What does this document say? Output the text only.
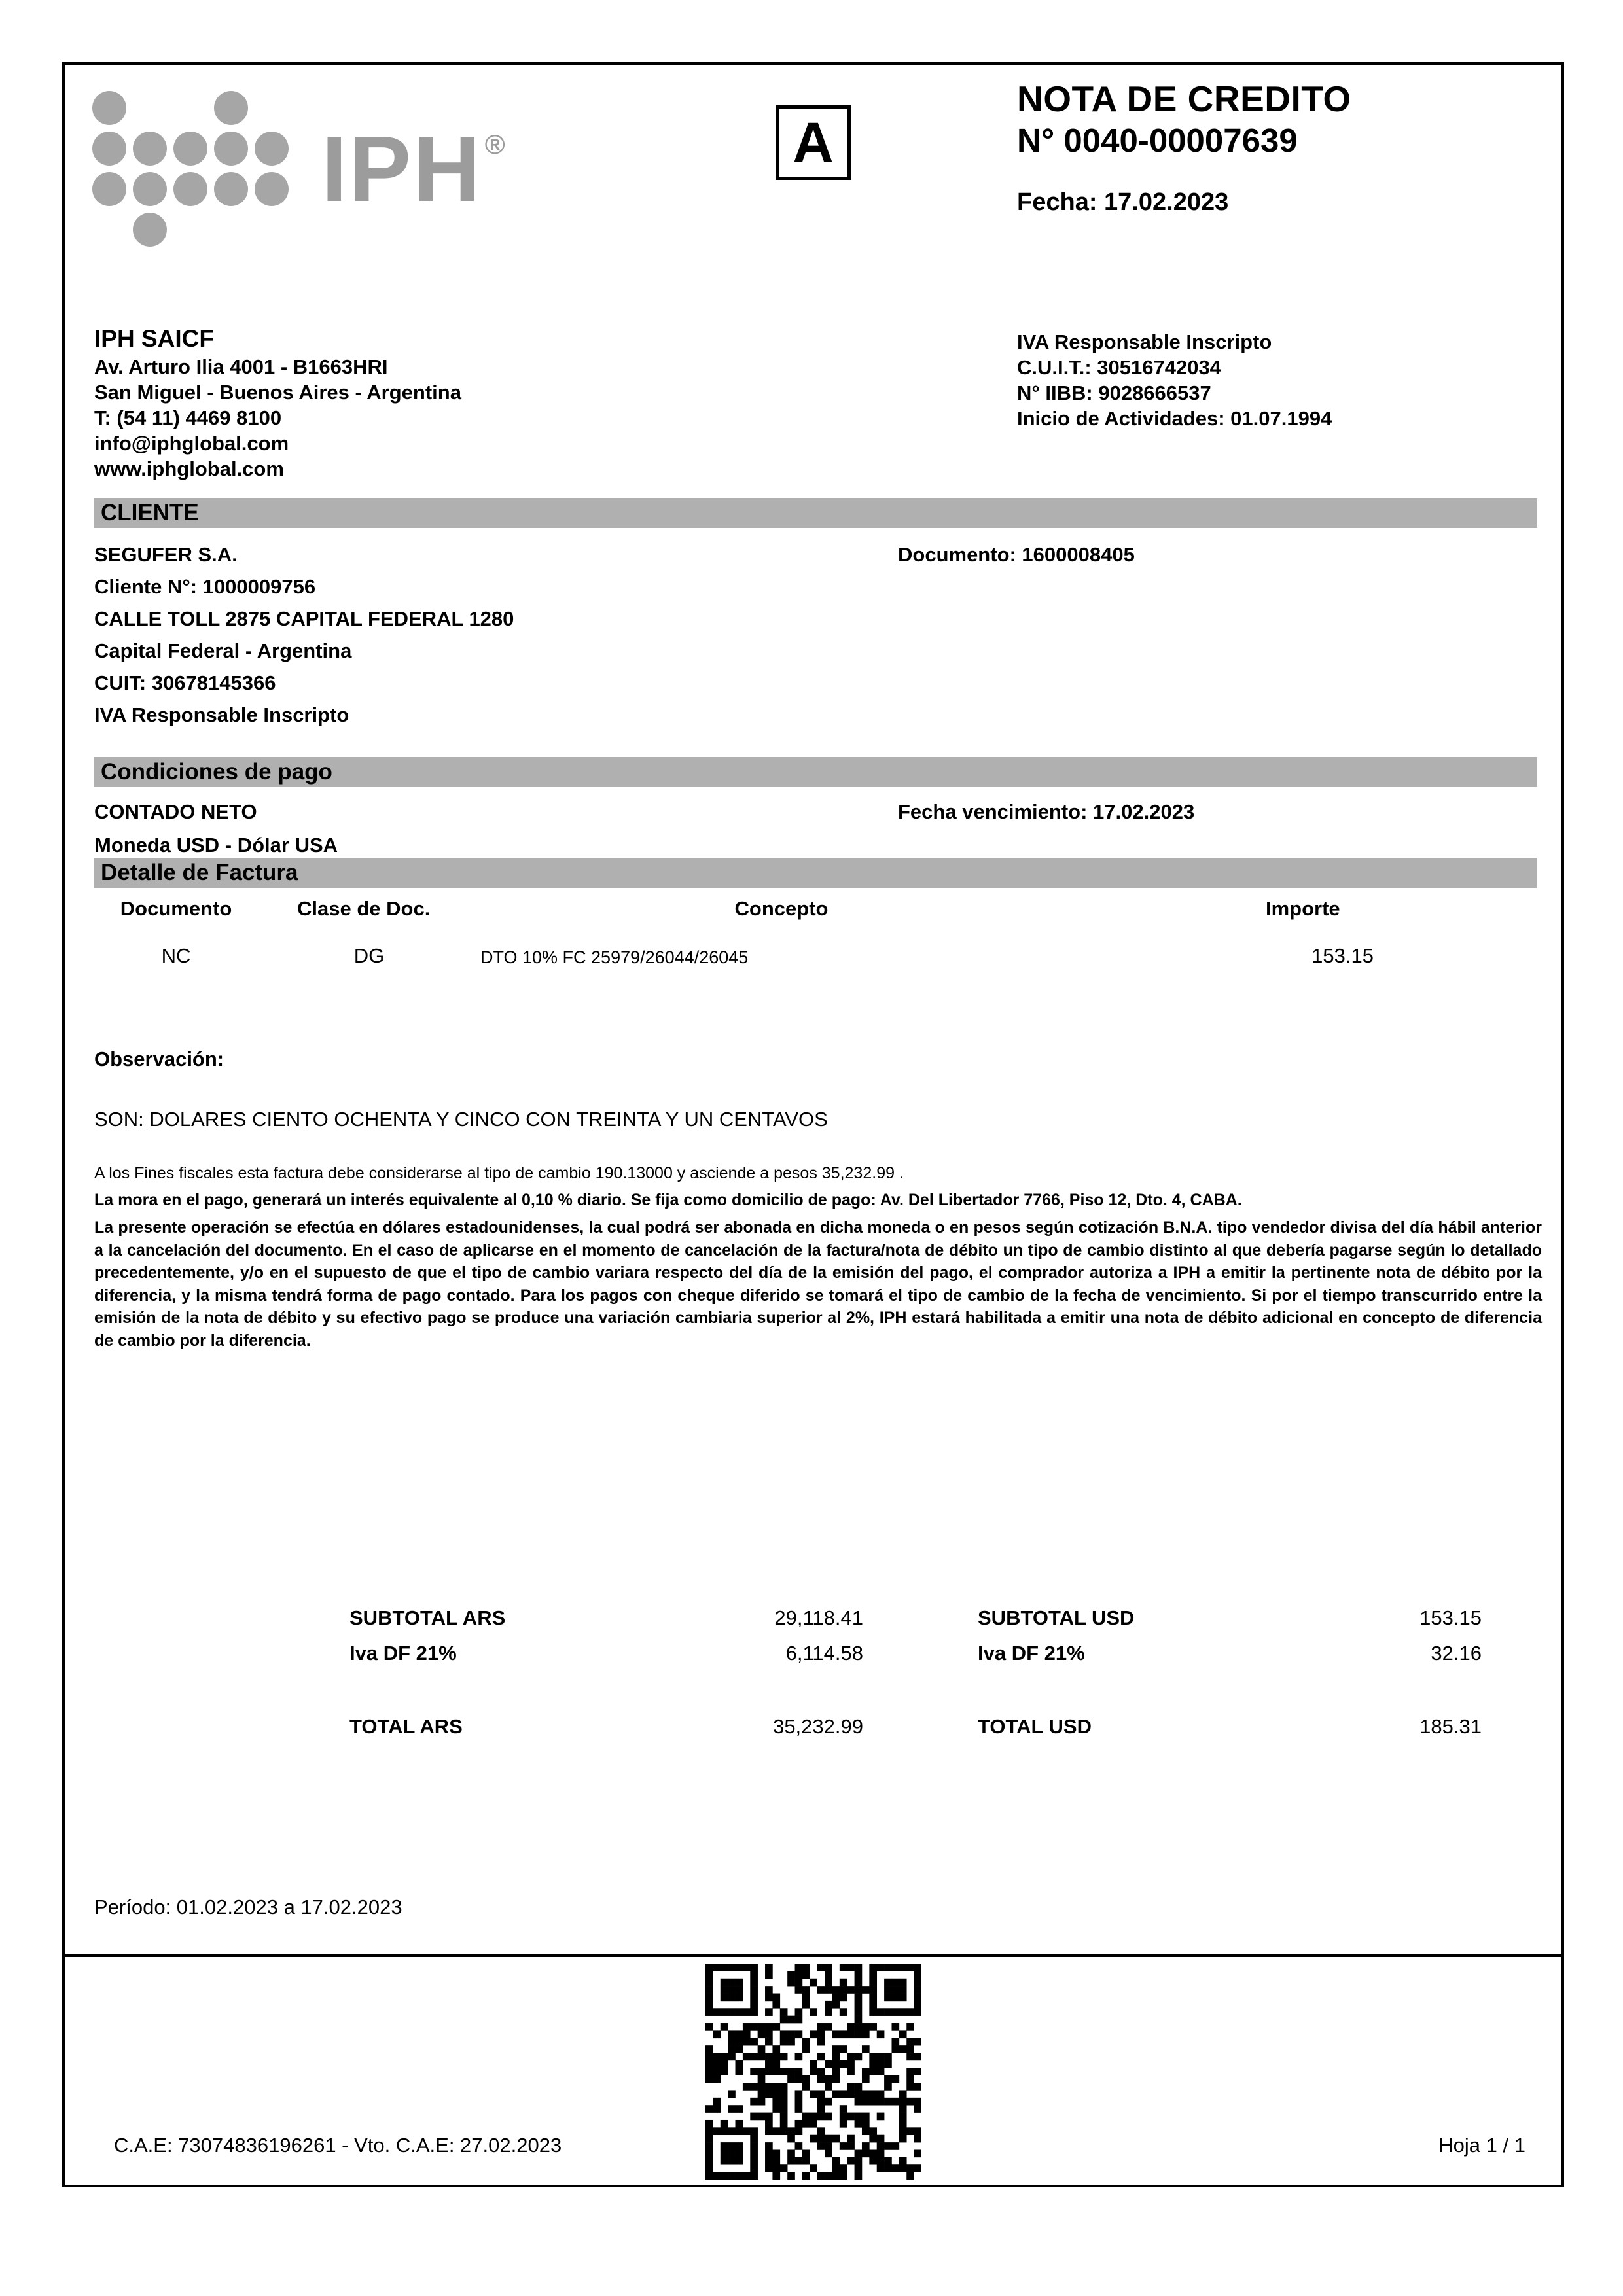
IPH®	A
NOTA DE CREDITO
N° 0040-00007639
Fecha: 17.02.2023
IPH SAICF
Av. Arturo Ilia 4001 - B1663HRI
San Miguel - Buenos Aires - Argentina
T: (54 11) 4469 8100
info@iphglobal.com
www.iphglobal.com
IVA Responsable Inscripto
C.U.I.T.: 30516742034
N° IIBB: 9028666537
Inicio de Actividades: 01.07.1994
CLIENTE
SEGUFER S.A.	Documento: 1600008405
Cliente N°: 1000009756
CALLE TOLL 2875 CAPITAL FEDERAL 1280
Capital Federal - Argentina
CUIT: 30678145366
IVA Responsable Inscripto
Condiciones de pago
CONTADO NETO	Fecha vencimiento: 17.02.2023
Moneda USD - Dólar USA
Detalle de Factura
Documento	Clase de Doc.	Concepto	Importe
NC	DG	DTO 10% FC 25979/26044/26045	153.15
Observación:
SON: DOLARES CIENTO OCHENTA Y CINCO CON TREINTA Y UN CENTAVOS
A los Fines fiscales esta factura debe considerarse al tipo de cambio 190.13000 y asciende a pesos 35,232.99 .
La mora en el pago, generará un interés equivalente al 0,10 % diario. Se fija como domicilio de pago: Av. Del Libertador 7766, Piso 12, Dto. 4, CABA.
La presente operación se efectúa en dólares estadounidenses, la cual podrá ser abonada en dicha moneda o en pesos según cotización B.N.A. tipo vendedor divisa del día hábil anterior a la cancelación del documento. En el caso de aplicarse en el momento de cancelación de la factura/nota de débito un tipo de cambio distinto al que debería pagarse según lo detallado precedentemente, y/o en el supuesto de que el tipo de cambio variara respecto del día de la emisión del pago, el comprador autoriza a IPH a emitir la pertinente nota de débito por la diferencia, y la misma tendrá forma de pago contado. Para los pagos con cheque diferido se tomará el tipo de cambio de la fecha de vencimiento. Si por el tiempo transcurrido entre la emisión de la nota de débito y su efectivo pago se produce una variación cambiaria superior al 2%, IPH estará habilitada a emitir una nota de débito adicional en concepto de diferencia de cambio por la diferencia.
SUBTOTAL ARS	29,118.41	SUBTOTAL USD	153.15
Iva DF 21%	6,114.58	Iva DF 21%	32.16
TOTAL ARS	35,232.99	TOTAL USD	185.31
Período: 01.02.2023 a 17.02.2023
C.A.E: 73074836196261 - Vto. C.A.E: 27.02.2023	Hoja 1 / 1
